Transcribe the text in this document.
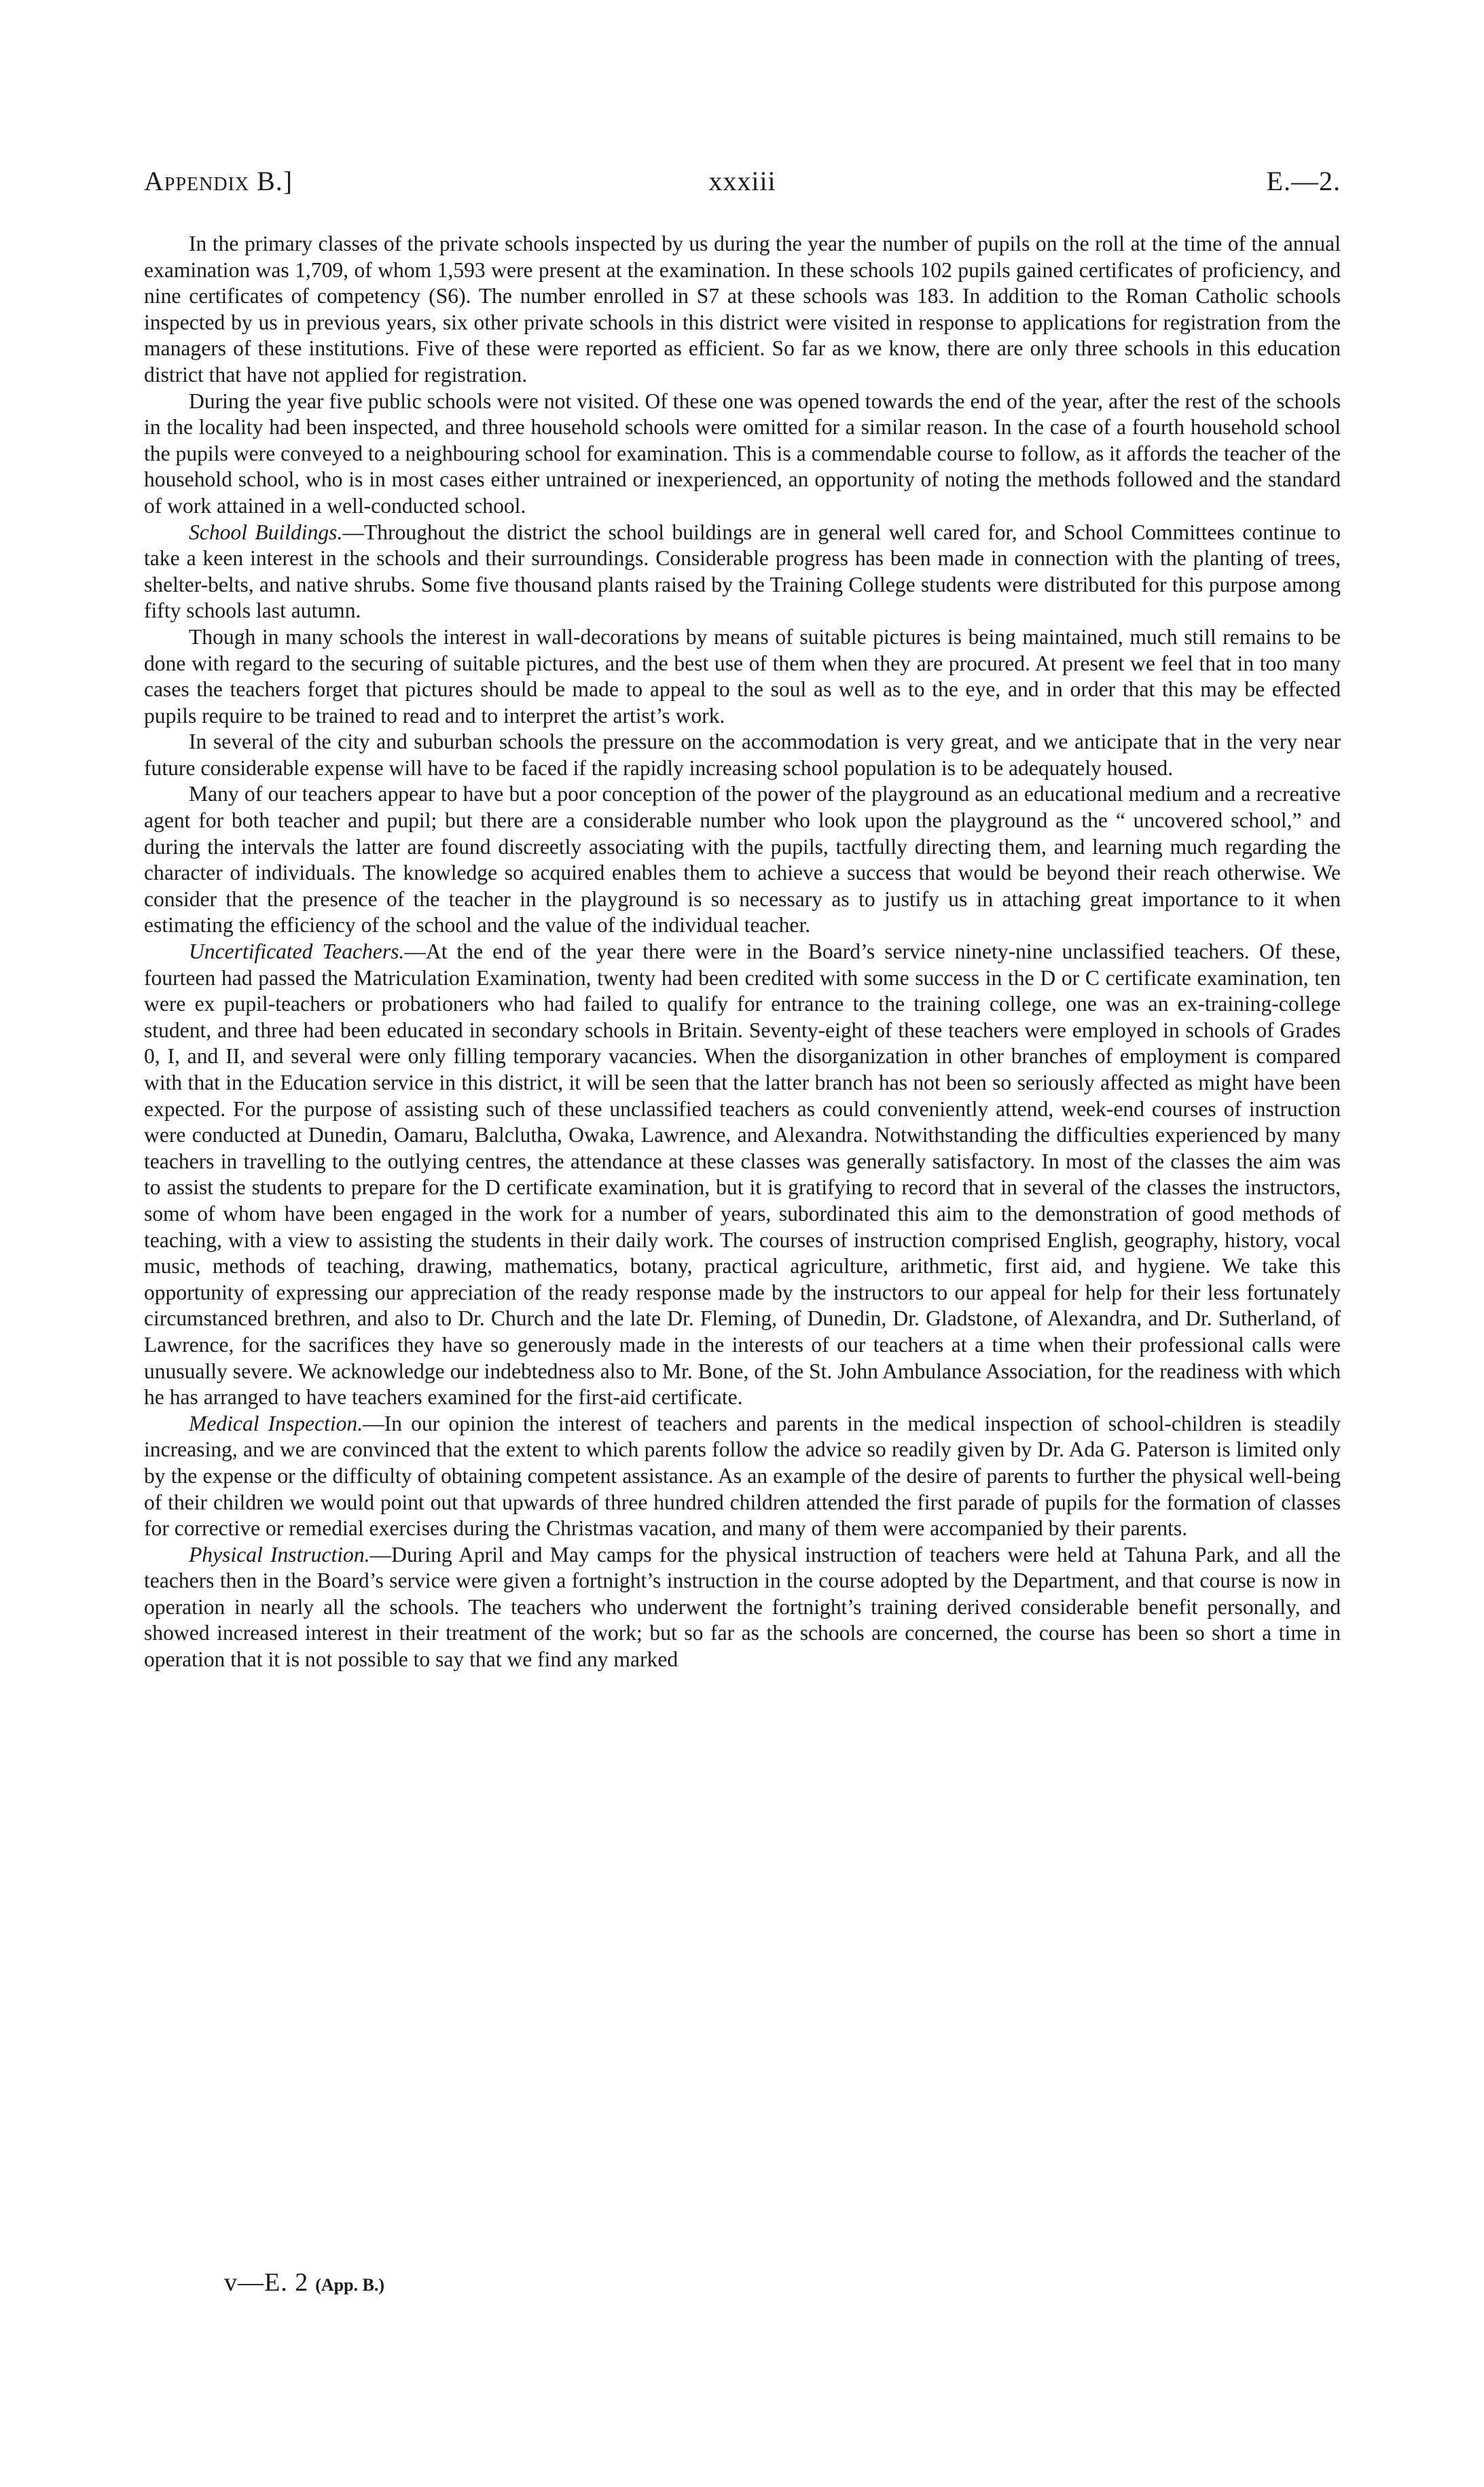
Appendix B.]	xxxiii	E.—2.

In the primary classes of the private schools inspected by us during the year the number of pupils on the roll at the time of the annual examination was 1,709, of whom 1,593 were present at the examination. In these schools 102 pupils gained certificates of proficiency, and nine certificates of competency (S6). The number enrolled in S7 at these schools was 183. In addition to the Roman Catholic schools inspected by us in previous years, six other private schools in this district were visited in response to applications for registration from the managers of these institutions. Five of these were reported as efficient. So far as we know, there are only three schools in this education district that have not applied for registration.

During the year five public schools were not visited. Of these one was opened towards the end of the year, after the rest of the schools in the locality had been inspected, and three household schools were omitted for a similar reason. In the case of a fourth household school the pupils were conveyed to a neighbouring school for examination. This is a commendable course to follow, as it affords the teacher of the household school, who is in most cases either untrained or inexperienced, an opportunity of noting the methods followed and the standard of work attained in a well-conducted school.

School Buildings.—Throughout the district the school buildings are in general well cared for, and School Committees continue to take a keen interest in the schools and their surroundings. Considerable progress has been made in connection with the planting of trees, shelter-belts, and native shrubs. Some five thousand plants raised by the Training College students were distributed for this purpose among fifty schools last autumn.

Though in many schools the interest in wall-decorations by means of suitable pictures is being maintained, much still remains to be done with regard to the securing of suitable pictures, and the best use of them when they are procured. At present we feel that in too many cases the teachers forget that pictures should be made to appeal to the soul as well as to the eye, and in order that this may be effected pupils require to be trained to read and to interpret the artist’s work.

In several of the city and suburban schools the pressure on the accommodation is very great, and we anticipate that in the very near future considerable expense will have to be faced if the rapidly increasing school population is to be adequately housed.

Many of our teachers appear to have but a poor conception of the power of the playground as an educational medium and a recreative agent for both teacher and pupil; but there are a considerable number who look upon the playground as the “ uncovered school,” and during the intervals the latter are found discreetly associating with the pupils, tactfully directing them, and learning much regarding the character of individuals. The knowledge so acquired enables them to achieve a success that would be beyond their reach otherwise. We consider that the presence of the teacher in the playground is so necessary as to justify us in attaching great importance to it when estimating the efficiency of the school and the value of the individual teacher.

Uncertificated Teachers.—At the end of the year there were in the Board’s service ninety-nine unclassified teachers. Of these, fourteen had passed the Matriculation Examination, twenty had been credited with some success in the D or C certificate examination, ten were ex pupil-teachers or probationers who had failed to qualify for entrance to the training college, one was an ex-training-college student, and three had been educated in secondary schools in Britain. Seventy-eight of these teachers were employed in schools of Grades 0, I, and II, and several were only filling temporary vacancies. When the disorganization in other branches of employment is compared with that in the Education service in this district, it will be seen that the latter branch has not been so seriously affected as might have been expected. For the purpose of assisting such of these unclassified teachers as could conveniently attend, week-end courses of instruction were conducted at Dunedin, Oamaru, Balclutha, Owaka, Lawrence, and Alexandra. Notwithstanding the difficulties experienced by many teachers in travelling to the outlying centres, the attendance at these classes was generally satisfactory. In most of the classes the aim was to assist the students to prepare for the D certificate examination, but it is gratifying to record that in several of the classes the instructors, some of whom have been engaged in the work for a number of years, subordinated this aim to the demonstration of good methods of teaching, with a view to assisting the students in their daily work. The courses of instruction comprised English, geography, history, vocal music, methods of teaching, drawing, mathematics, botany, practical agriculture, arithmetic, first aid, and hygiene. We take this opportunity of expressing our appreciation of the ready response made by the instructors to our appeal for help for their less fortunately circumstanced brethren, and also to Dr. Church and the late Dr. Fleming, of Dunedin, Dr. Gladstone, of Alexandra, and Dr. Sutherland, of Lawrence, for the sacrifices they have so generously made in the interests of our teachers at a time when their professional calls were unusually severe. We acknowledge our indebtedness also to Mr. Bone, of the St. John Ambulance Association, for the readiness with which he has arranged to have teachers examined for the first-aid certificate.

Medical Inspection.—In our opinion the interest of teachers and parents in the medical inspection of school-children is steadily increasing, and we are convinced that the extent to which parents follow the advice so readily given by Dr. Ada G. Paterson is limited only by the expense or the difficulty of obtaining competent assistance. As an example of the desire of parents to further the physical well-being of their children we would point out that upwards of three hundred children attended the first parade of pupils for the formation of classes for corrective or remedial exercises during the Christmas vacation, and many of them were accompanied by their parents.

Physical Instruction.—During April and May camps for the physical instruction of teachers were held at Tahuna Park, and all the teachers then in the Board’s service were given a fortnight’s instruction in the course adopted by the Department, and that course is now in operation in nearly all the schools. The teachers who underwent the fortnight’s training derived considerable benefit personally, and showed increased interest in their treatment of the work; but so far as the schools are concerned, the course has been so short a time in operation that it is not possible to say that we find any marked

v—E. 2 (App. B.)
